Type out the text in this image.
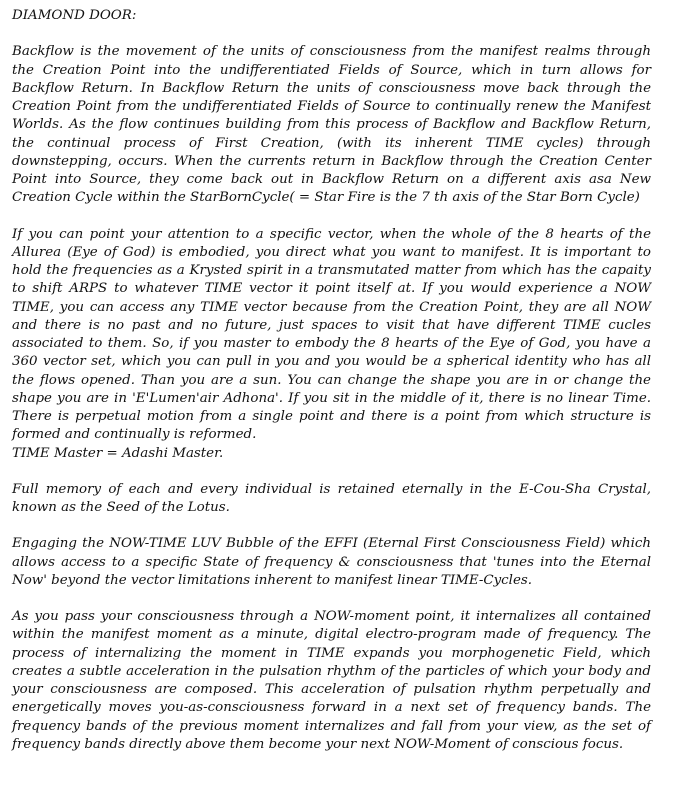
DIAMOND DOOR:

Backflow is the movement of the units of consciousness from the manifest realms through the Creation Point into the undifferentiated Fields of Source, which in turn allows for Backflow Return. In Backflow Return the units of consciousness move back through the Creation Point from the undifferentiated Fields of Source to continually renew the Manifest Worlds. As the flow continues building from this process of Backflow and Backflow Return, the continual process of First Creation, (with its inherent TIME cycles) through downstepping, occurs. When the currents return in Backflow through the Creation Center Point into Source, they come back out in Backflow Return on a different axis asa New Creation Cycle within the StarBornCycle( = Star Fire is the 7 th axis of the Star Born Cycle)

If you can point your attention to a specific vector, when the whole of the 8 hearts of the Allurea (Eye of God) is embodied, you direct what you want to manifest. It is important to hold the frequencies as a Krysted spirit in a transmutated matter from which has the capaity to shift ARPS to whatever TIME vector it point itself at. If you would experience a NOW TIME, you can access any TIME vector because from the Creation Point, they are all NOW and there is no past and no future, just spaces to visit that have different TIME cucles associated to them. So, if you master to embody the 8 hearts of the Eye of God, you have a 360 vector set, which you can pull in you and you would be a spherical identity who has all the flows opened. Than you are a sun. You can change the shape you are in or change the shape you are in 'E'Lumen'air Adhona'. If you sit in the middle of it, there is no linear Time. There is perpetual motion from a single point and there is a point from which structure is formed and continually is reformed.

TIME Master = Adashi Master.

Full memory of each and every individual is retained eternally in the E-Cou-Sha Crystal, known as the Seed of the Lotus.

Engaging the NOW-TIME LUV Bubble of the EFFI (Eternal First Consciousness Field) which allows access to a specific State of frequency & consciousness that 'tunes into the Eternal Now' beyond the vector limitations inherent to manifest linear TIME-Cycles.

As you pass your consciousness through a NOW-moment point, it internalizes all contained within the manifest moment as a minute, digital electro-program made of frequency. The process of internalizing the moment in TIME expands you morphogenetic Field, which creates a subtle acceleration in the pulsation rhythm of the particles of which your body and your consciousness are composed. This acceleration of pulsation rhythm perpetually and energetically moves you-as-consciousness forward in a next set of frequency bands. The frequency bands of the previous moment internalizes and fall from your view, as the set of frequency bands directly above them become your next NOW-Moment of conscious focus.
